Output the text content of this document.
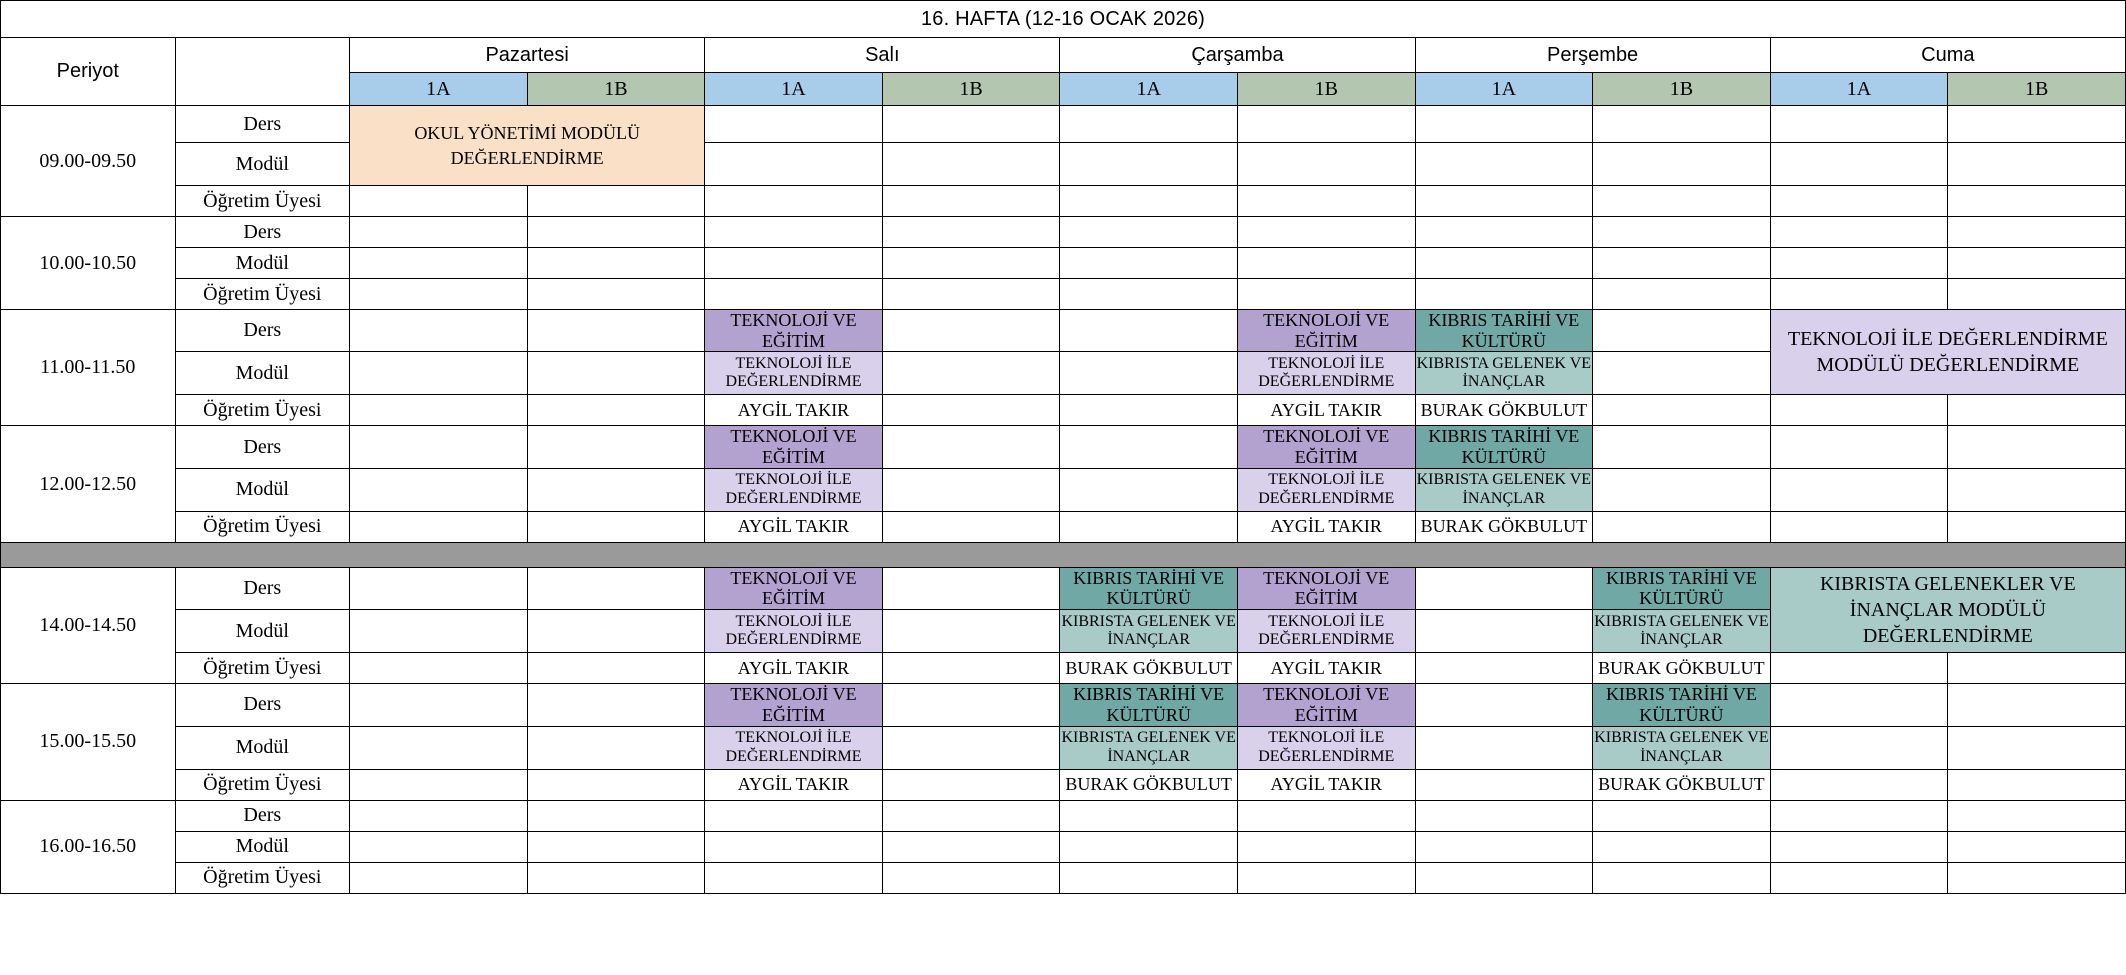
16. HAFTA (12-16 OCAK 2026)											
Periyot		Pazartesi		Salı		Çarşamba		Perşembe		Cuma	
		1A	1B	1A	1B	1A	1B	1A	1B	1A	1B
09.00-09.50	Ders	OKUL YÖNETİMİ MODÜLÜ DEĞERLENDİRME									
	Modül										
	Öğretim Üyesi										
10.00-10.50	Ders										
	Modül										
	Öğretim Üyesi										
11.00-11.50	Ders			TEKNOLOJİ VE EĞİTİM			TEKNOLOJİ VE EĞİTİM	KIBRIS TARİHİ VE KÜLTÜRÜ		TEKNOLOJİ İLE DEĞERLENDİRME MODÜLÜ DEĞERLENDİRME	
	Modül			TEKNOLOJİ İLE DEĞERLENDİRME			TEKNOLOJİ İLE DEĞERLENDİRME	KIBRISTA GELENEK VE İNANÇLAR			
	Öğretim Üyesi			AYGİL TAKIR			AYGİL TAKIR	BURAK GÖKBULUT			
12.00-12.50	Ders			TEKNOLOJİ VE EĞİTİM			TEKNOLOJİ VE EĞİTİM	KIBRIS TARİHİ VE KÜLTÜRÜ			
	Modül			TEKNOLOJİ İLE DEĞERLENDİRME			TEKNOLOJİ İLE DEĞERLENDİRME	KIBRISTA GELENEK VE İNANÇLAR			
	Öğretim Üyesi			AYGİL TAKIR			AYGİL TAKIR	BURAK GÖKBULUT			

14.00-14.50	Ders			TEKNOLOJİ VE EĞİTİM		KIBRIS TARİHİ VE KÜLTÜRÜ	TEKNOLOJİ VE EĞİTİM		KIBRIS TARİHİ VE KÜLTÜRÜ	KIBRISTA GELENEKLER VE İNANÇLAR MODÜLÜ DEĞERLENDİRME	
	Modül			TEKNOLOJİ İLE DEĞERLENDİRME		KIBRISTA GELENEK VE İNANÇLAR	TEKNOLOJİ İLE DEĞERLENDİRME		KIBRISTA GELENEK VE İNANÇLAR		
	Öğretim Üyesi			AYGİL TAKIR		BURAK GÖKBULUT	AYGİL TAKIR		BURAK GÖKBULUT		
15.00-15.50	Ders			TEKNOLOJİ VE EĞİTİM		KIBRIS TARİHİ VE KÜLTÜRÜ	TEKNOLOJİ VE EĞİTİM		KIBRIS TARİHİ VE KÜLTÜRÜ		
	Modül			TEKNOLOJİ İLE DEĞERLENDİRME		KIBRISTA GELENEK VE İNANÇLAR	TEKNOLOJİ İLE DEĞERLENDİRME		KIBRISTA GELENEK VE İNANÇLAR		
	Öğretim Üyesi			AYGİL TAKIR		BURAK GÖKBULUT	AYGİL TAKIR		BURAK GÖKBULUT		
16.00-16.50	Ders										
	Modül										
	Öğretim Üyesi										
